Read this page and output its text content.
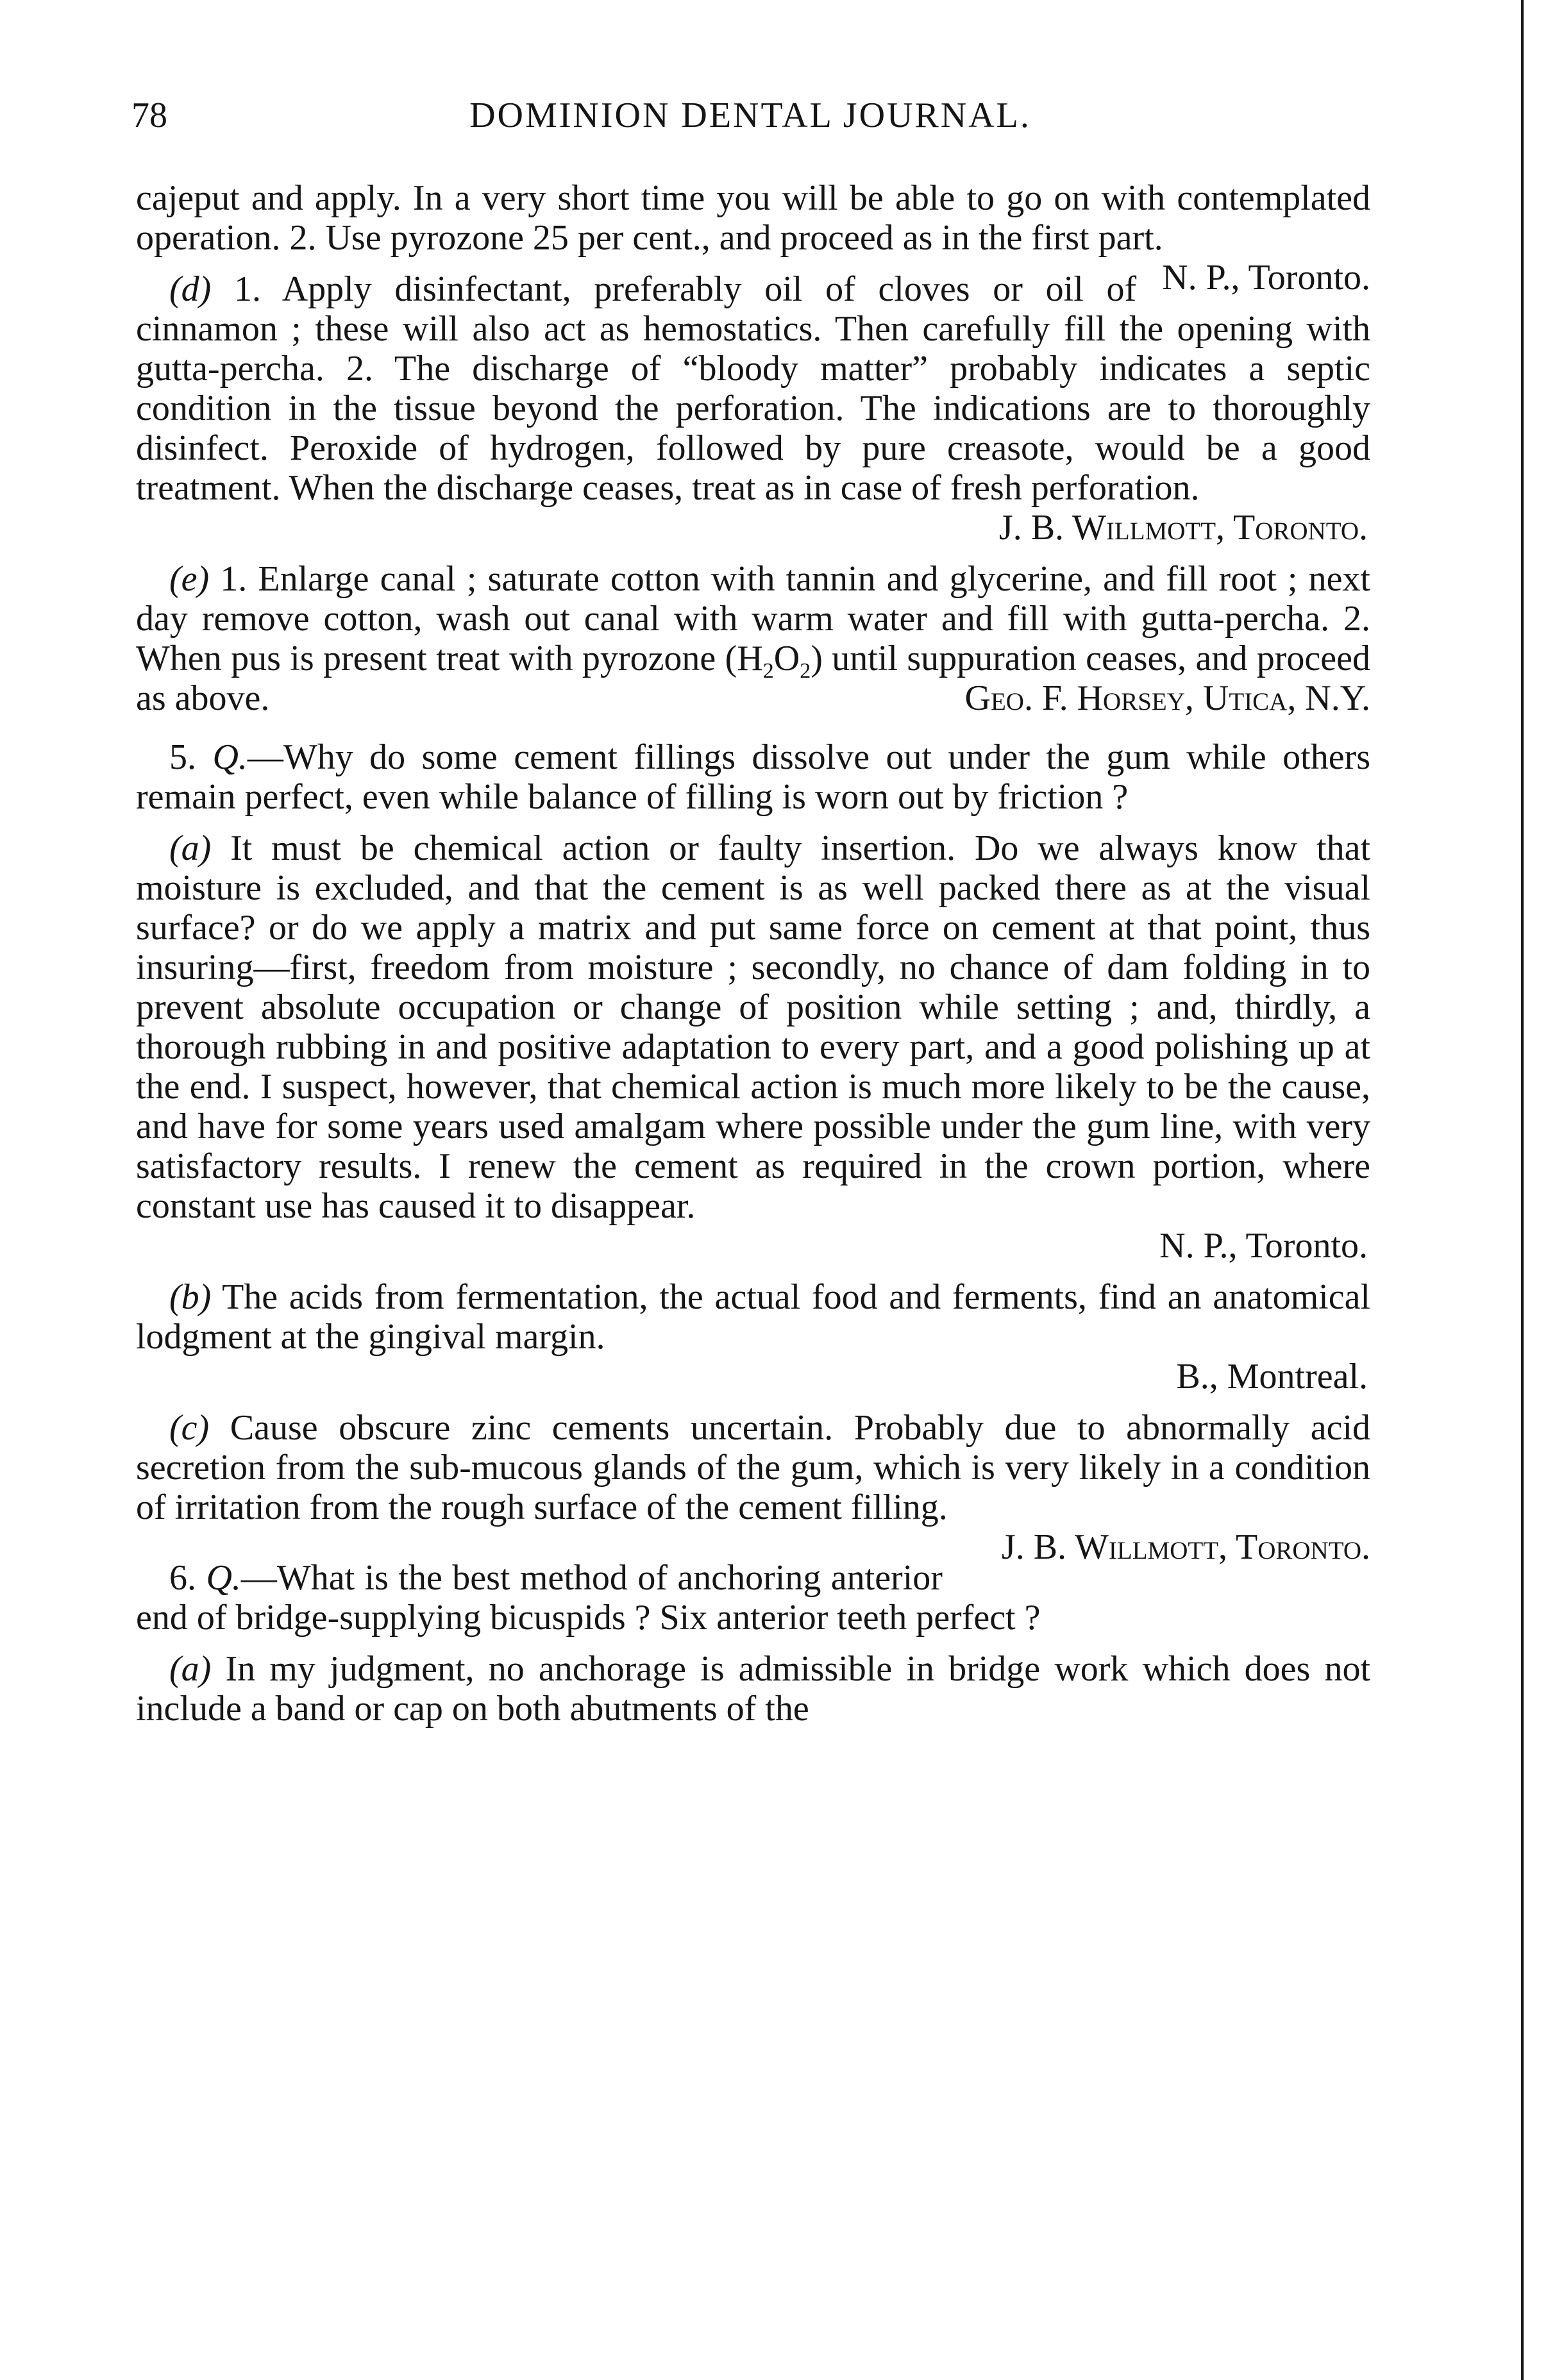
78	DOMINION DENTAL JOURNAL.

cajeput and apply. In a very short time you will be able to go on with contemplated operation. 2. Use pyrozone 25 per cent., and proceed as in the first part.
N. P., Toronto.

(d) 1. Apply disinfectant, preferably oil of cloves or oil of cinnamon ; these will also act as hemostatics. Then carefully fill the opening with gutta-percha. 2. The discharge of “bloody matter” probably indicates a septic condition in the tissue beyond the perforation. The indications are to thoroughly disinfect. Peroxide of hydrogen, followed by pure creasote, would be a good treatment. When the discharge ceases, treat as in case of fresh perforation.

J. B. Willmott, Toronto.

(e) 1. Enlarge canal ; saturate cotton with tannin and glycerine, and fill root ; next day remove cotton, wash out canal with warm water and fill with gutta-percha. 2. When pus is present treat with pyrozone $(H_2O_2)$ until suppuration ceases, and proceed as above.	Geo. F. Horsey, Utica, N.Y.

5. Q.—Why do some cement fillings dissolve out under the gum while others remain perfect, even while balance of filling is worn out by friction ?

(a) It must be chemical action or faulty insertion. Do we always know that moisture is excluded, and that the cement is as well packed there as at the visual surface? or do we apply a matrix and put same force on cement at that point, thus insuring—first, freedom from moisture ; secondly, no chance of dam folding in to prevent absolute occupation or change of position while setting ; and, thirdly, a thorough rubbing in and positive adaptation to every part, and a good polishing up at the end. I suspect, however, that chemical action is much more likely to be the cause, and have for some years used amalgam where possible under the gum line, with very satisfactory results. I renew the cement as required in the crown portion, where constant use has caused it to disappear.

N. P., Toronto.

(b) The acids from fermentation, the actual food and ferments, find an anatomical lodgment at the gingival margin.

B., Montreal.

(c) Cause obscure zinc cements uncertain. Probably due to abnormally acid secretion from the sub-mucous glands of the gum, which is very likely in a condition of irritation from the rough surface of the cement filling.
J. B. Willmott, Toronto.

6. Q.—What is the best method of anchoring anterior end of bridge-supplying bicuspids ? Six anterior teeth perfect ?

(a) In my judgment, no anchorage is admissible in bridge work which does not include a band or cap on both abutments of the
